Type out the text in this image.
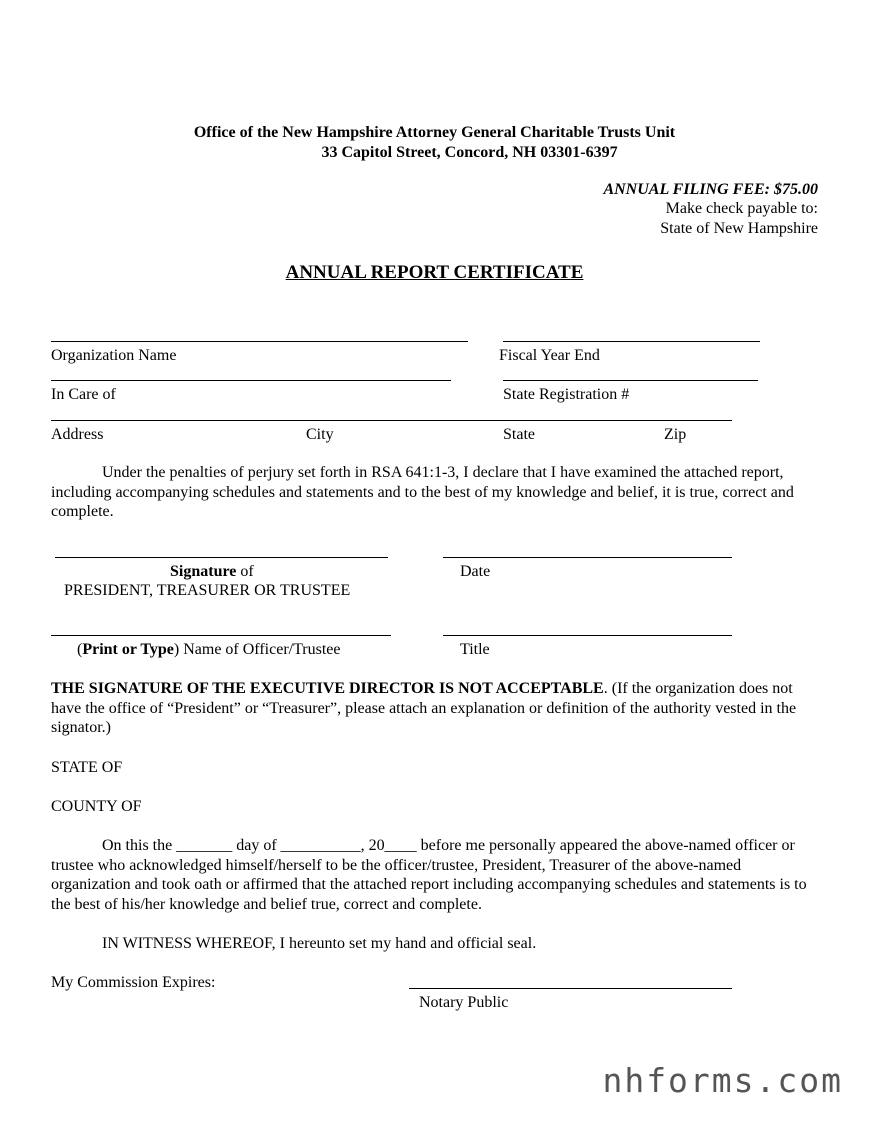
Office of the New Hampshire Attorney General Charitable Trusts Unit
33 Capitol Street, Concord, NH 03301-6397
ANNUAL FILING FEE: $75.00
Make check payable to:
State of New Hampshire
ANNUAL REPORT CERTIFICATE
Organization Name	Fiscal Year End
In Care of	State Registration #
Address	City	State	Zip
Under the penalties of perjury set forth in RSA 641:1-3, I declare that I have examined the attached report, including accompanying schedules and statements and to the best of my knowledge and belief, it is true, correct and complete.
Signature of	Date
PRESIDENT, TREASURER OR TRUSTEE
(Print or Type) Name of Officer/Trustee	Title
THE SIGNATURE OF THE EXECUTIVE DIRECTOR IS NOT ACCEPTABLE. (If the organization does not have the office of “President” or “Treasurer”, please attach an explanation or definition of the authority vested in the signator.)
STATE OF
COUNTY OF
On this the _______ day of __________, 20____ before me personally appeared the above-named officer or trustee who acknowledged himself/herself to be the officer/trustee, President, Treasurer of the above-named organization and took oath or affirmed that the attached report including accompanying schedules and statements is to the best of his/her knowledge and belief true, correct and complete.
IN WITNESS WHEREOF, I hereunto set my hand and official seal.
My Commission Expires:
Notary Public
nhforms.com
